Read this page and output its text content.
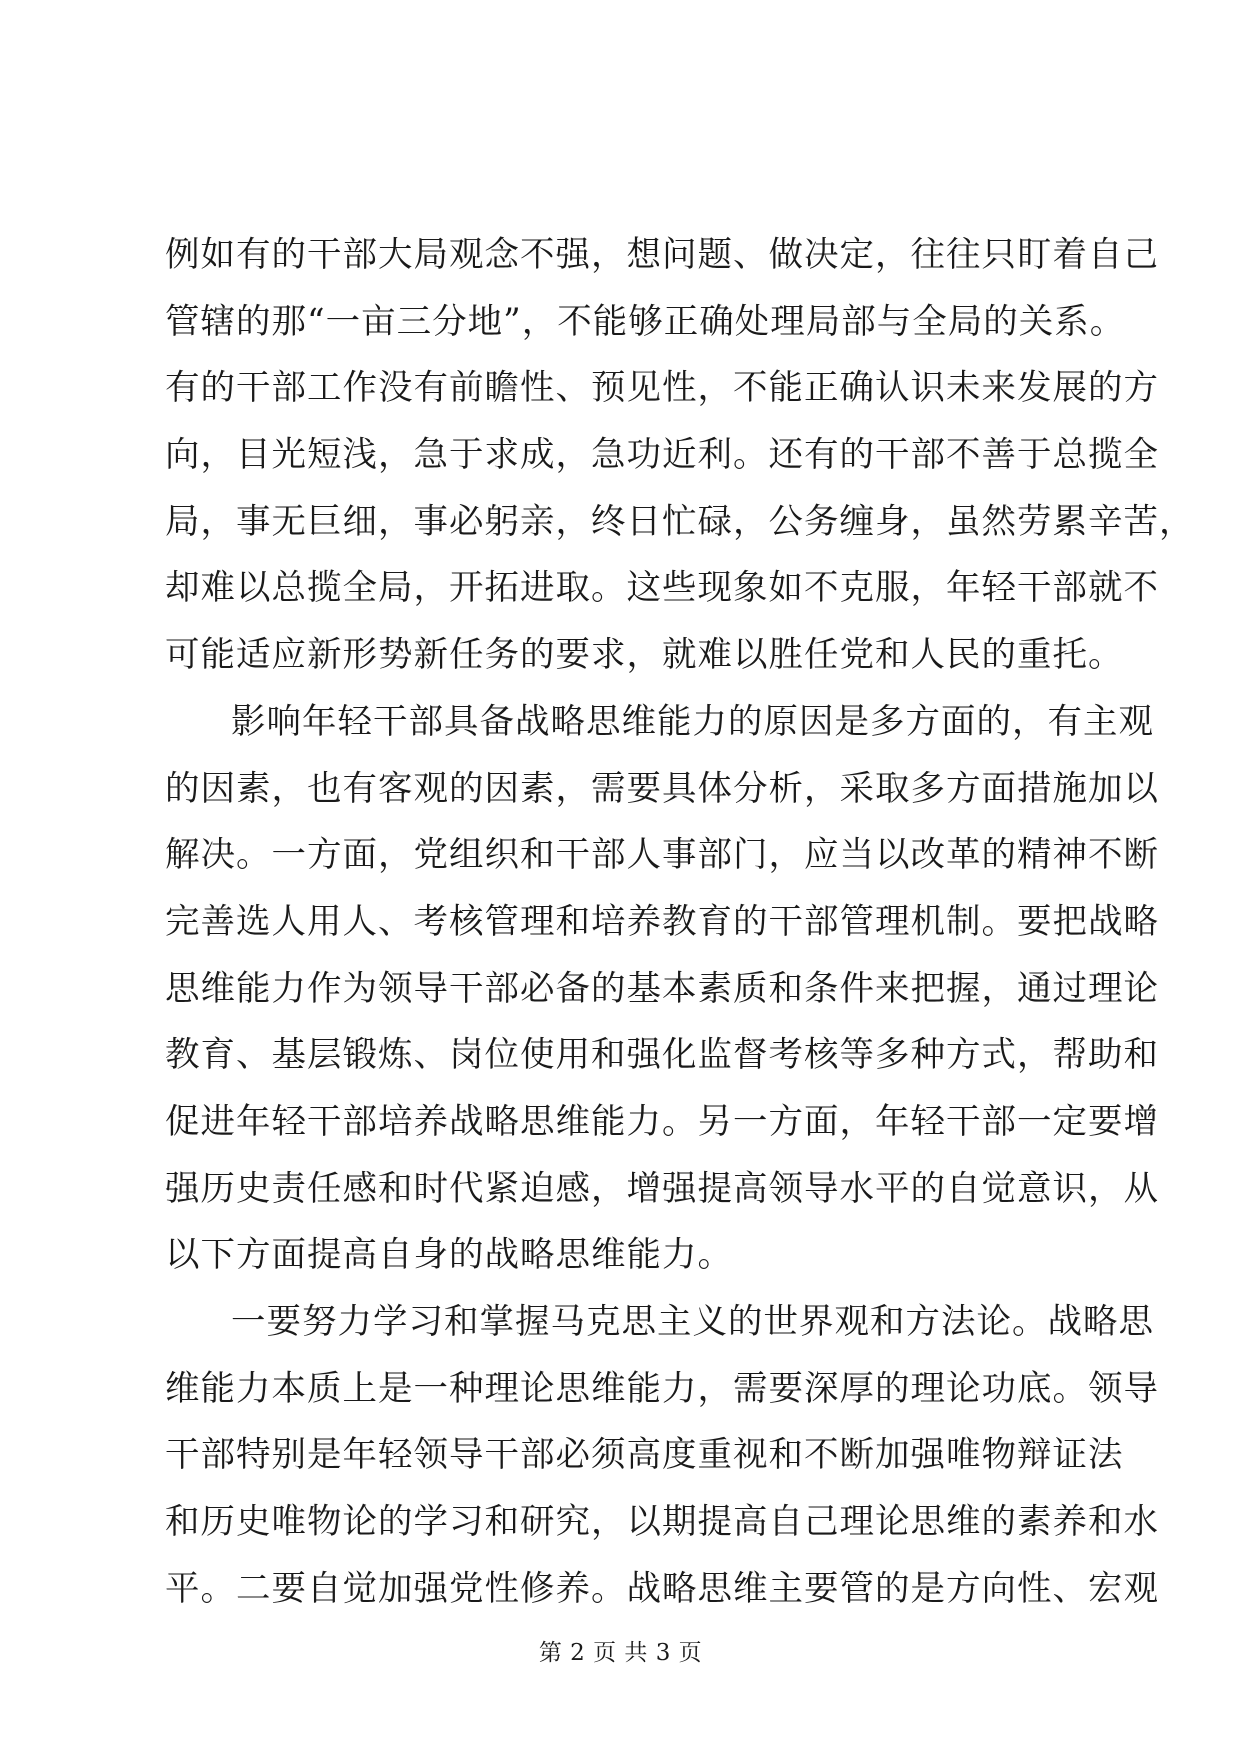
例如有的干部大局观念不强，想问题、做决定，往往只盯着自己
管辖的那“一亩三分地”，不能够正确处理局部与全局的关系。
有的干部工作没有前瞻性、预见性，不能正确认识未来发展的方
向，目光短浅，急于求成，急功近利。还有的干部不善于总揽全
局，事无巨细，事必躬亲，终日忙碌，公务缠身，虽然劳累辛苦，
却难以总揽全局，开拓进取。这些现象如不克服，年轻干部就不
可能适应新形势新任务的要求，就难以胜任党和人民的重托。
影响年轻干部具备战略思维能力的原因是多方面的，有主观
的因素，也有客观的因素，需要具体分析，采取多方面措施加以
解决。一方面，党组织和干部人事部门，应当以改革的精神不断
完善选人用人、考核管理和培养教育的干部管理机制。要把战略
思维能力作为领导干部必备的基本素质和条件来把握，通过理论
教育、基层锻炼、岗位使用和强化监督考核等多种方式，帮助和
促进年轻干部培养战略思维能力。另一方面，年轻干部一定要增
强历史责任感和时代紧迫感，增强提高领导水平的自觉意识，从
以下方面提高自身的战略思维能力。
一要努力学习和掌握马克思主义的世界观和方法论。战略思
维能力本质上是一种理论思维能力，需要深厚的理论功底。领导
干部特别是年轻领导干部必须高度重视和不断加强唯物辩证法
和历史唯物论的学习和研究，以期提高自己理论思维的素养和水
平。二要自觉加强党性修养。战略思维主要管的是方向性、宏观
第 2 页 共 3 页
